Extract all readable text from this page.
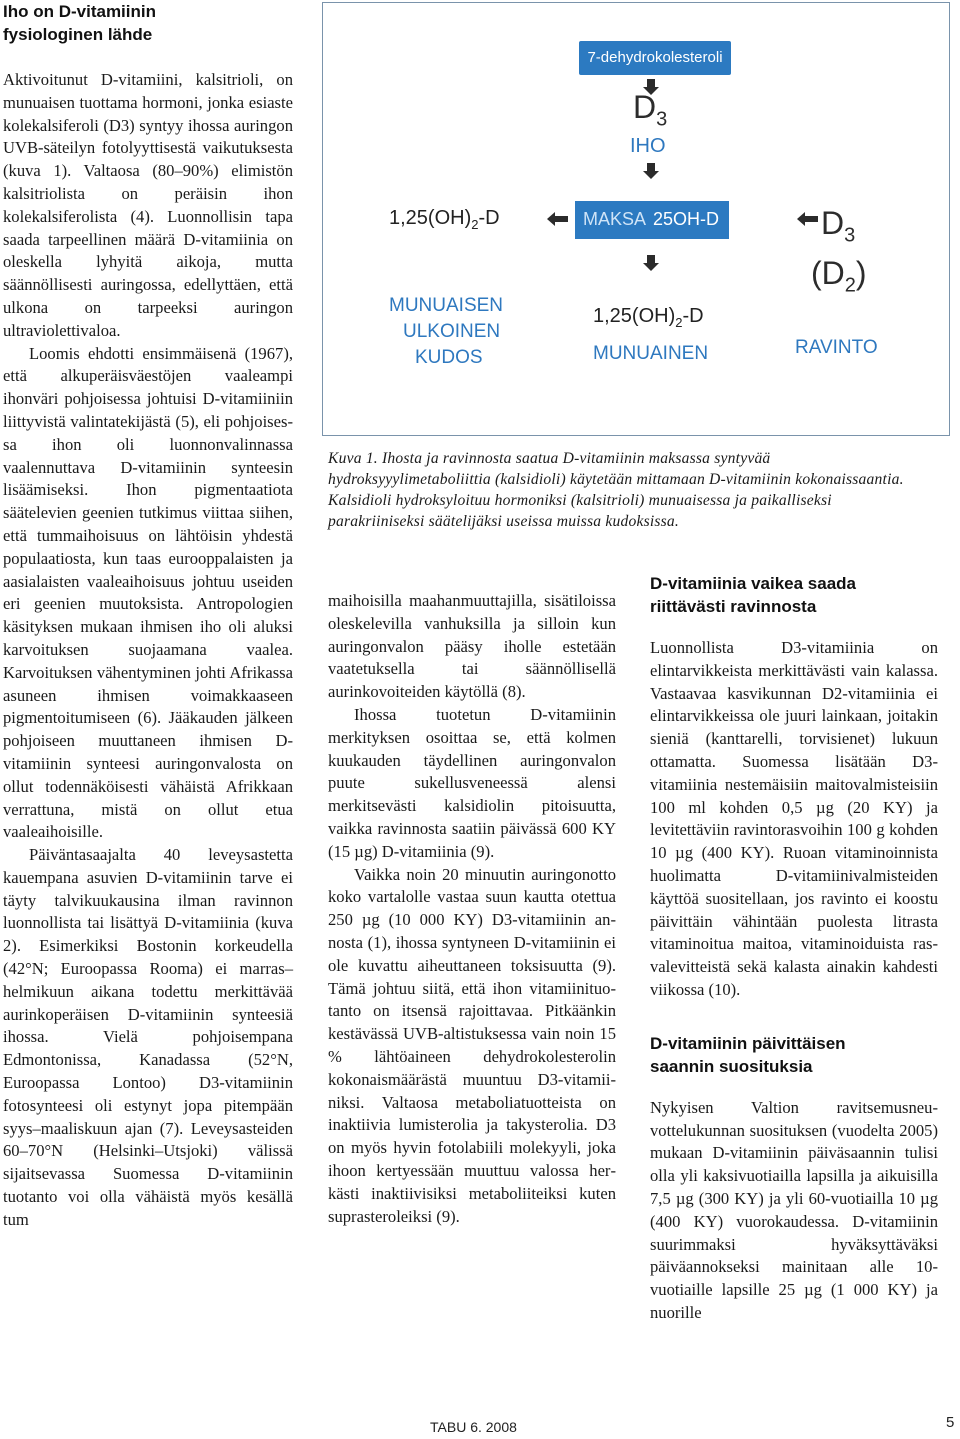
Iho on D-vitamiinin fysiologinen lähde

Aktivoitunut D-vitamiini, kalsitrioli, on munuaisen tuottama hormoni, jonka esiaste kolekalsiferoli (D3) syntyy ihossa auringon UVB-säteilyn fotolyyttisestä vaikutuksesta (kuva 1). Valtaosa (80–90%) elimistön kalsitriolista on peräisin ihon kolekalsiferolista (4). Luonnollisin tapa saada tarpeellinen määrä D-vitamiinia on oleskella lyhyitä aikoja, mutta säännöllisesti auringossa, edellyttäen, että ulkona on tarpeeksi auringon ultraviolettivaloa.

Loomis ehdotti ensimmäisenä (1967), että alkuperäisväestöjen vaaleampi ihonväri pohjoisessa johtuisi D-vitamiiniin liittyvistä valintatekijästä (5), eli pohjoisessa ihon oli luonnonvalinnassa vaalennuttava D-vitamiinin synteesin lisäämiseksi. Ihon pigmentaatiota säätelevien geenien tutkimus viittaa siihen, että tummaihoisuus on lähtöisin yhdestä populaatiosta, kun taas eurooppalaisten ja aasialaisten vaaleaihoisuus johtuu useiden eri geenien muutoksista. Antropologien käsityksen mukaan ihmisen iho oli aluksi karvoituksen suojaamana vaalea. Karvoituksen vähentyminen johti Afrikassa asuneen ihmisen voimakkaaseen pigmentoitumiseen (6). Jääkauden jälkeen pohjoiseen muuttaneen ihmisen D-vitamiinin synteesi auringonvalosta on ollut todennäköisesti vähäistä Afrikkaan verrattuna, mistä on ollut etua vaaleaihoisille.

Päiväntasaajalta 40 leveysastetta kauempana asuvien D-vitamiinin tarve ei täyty talvikuukausina ilman ravinnon luonnollista tai lisättyä D-vitamiinia (kuva 2). Esimerkiksi Bostonin korkeudella (42°N; Euroopassa Rooma) ei marras–helmikuun aikana todettu merkittävää aurinkoperäisen D-vitamiinin synteesiä ihossa. Vielä pohjoisempana Edmontonissa, Kanadassa (52°N, Euroopassa Lontoo) D3-vitamiinin fotosynteesi oli estynyt jopa pitempään syys–maaliskuun ajan (7). Leveysasteiden 60–70°N (Helsinki–Utsjoki) välissä sijaitsevassa Suomessa D-vitamiinin tuotanto voi olla vähäistä myös kesällä tum

7-dehydrokolesteroli
$D_3$
IHO
$1,25(OH)_2-D$	MAKSA 25OH-D	$D_3$
$(D_2)$
MUNUAISEN
ULKOINEN
KUDOS
$1,25(OH)_2-D$
MUNUAINEN	RAVINTO

Kuva 1. Ihosta ja ravinnosta saatua D-vitamiinin maksassa syntyvää hydroksyyylimetaboliittia (kalsidioli) käytetään mittamaan D-vitamiinin kokonaissaantia. Kalsidioli hydroksyloituu hormoniksi (kalsitrioli) munuaisessa ja paikalliseksi parakriiniseksi säätelijäksi useissa muissa kudoksissa.

maihoisilla maahanmuuttajilla, sisätiloissa oleskelevilla vanhuksilla ja silloin kun auringonvalon pääsy iholle estetään vaatetuksella tai säännöllisellä aurinkovoiteiden käytöllä (8).

Ihossa tuotetun D-vitamiinin merkityksen osoittaa se, että kolmen kuukauden täydellinen auringonvalon puute sukellusveneessä alensi merkitsevästi kalsidiolin pitoisuutta, vaikka ravinnosta saatiin päivässä 600 KY (15 µg) D-vitamiinia (9).

Vaikka noin 20 minuutin auringonotto koko vartalolle vastaa suun kautta otettua 250 µg (10 000 KY) D3-vitamiinin annosta (1), ihossa syntyneen D-vitamiinin ei ole kuvattu aiheuttaneen toksisuutta (9). Tämä johtuu siitä, että ihon vitamiinituotanto on itsensä rajoittavaa. Pitkäänkin kestävässä UVB-altistuksessa vain noin 15 % lähtöaineen dehydrokolesterolin kokonaismäärästä muuntuu D3-vitamiiniksi. Valtaosa metaboliatuotteista on inaktiivia lumisterolia ja takysterolia. D3 on myös hyvin fotolabiili molekyyli, joka ihoon kertyessään muuttuu valossa herkästi inaktiivisiksi metaboliiteiksi kuten suprasteroleiksi (9).

D-vitamiinia vaikea saada riittävästi ravinnosta

Luonnollista D3-vitamiinia on elintarvikkeista merkittävästi vain kalassa. Vastaavaa kasvikunnan D2-vitamiinia ei elintarvikkeissa ole juuri lainkaan, joitakin sieniä (kanttarelli, torvisienet) lukuun ottamatta. Suomessa lisätään D3-vitamiinia nestemäisiin maitovalmisteisiin 100 ml kohden 0,5 µg (20 KY) ja levitettäviin ravintorasvoihin 100 g kohden 10 µg (400 KY). Ruoan vitaminoinnista huolimatta D-vitamiinivalmisteiden käyttöä suositellaan, jos ravinto ei koostu päivittäin vähintään puolesta litrasta vitaminoitua maitoa, vitaminoiduista rasvalevitteistä sekä kalasta ainakin kahdesti viikossa (10).

D-vitamiinin päivittäisen saannin suosituksia

Nykyisen Valtion ravitsemusneuvottelukunnan suosituksen (vuodelta 2005) mukaan D-vitamiinin päiväsaannin tulisi olla yli kaksivuotiailla lapsilla ja aikuisilla 7,5 µg (300 KY) ja yli 60-vuotiailla 10 µg (400 KY) vuorokaudessa. D-vitamiinin suurimmaksi hyväksyttäväksi päiväannokseksi mainitaan alle 10-vuotiaille lapsille 25 µg (1 000 KY) ja nuorille

TABU 6. 2008	5
